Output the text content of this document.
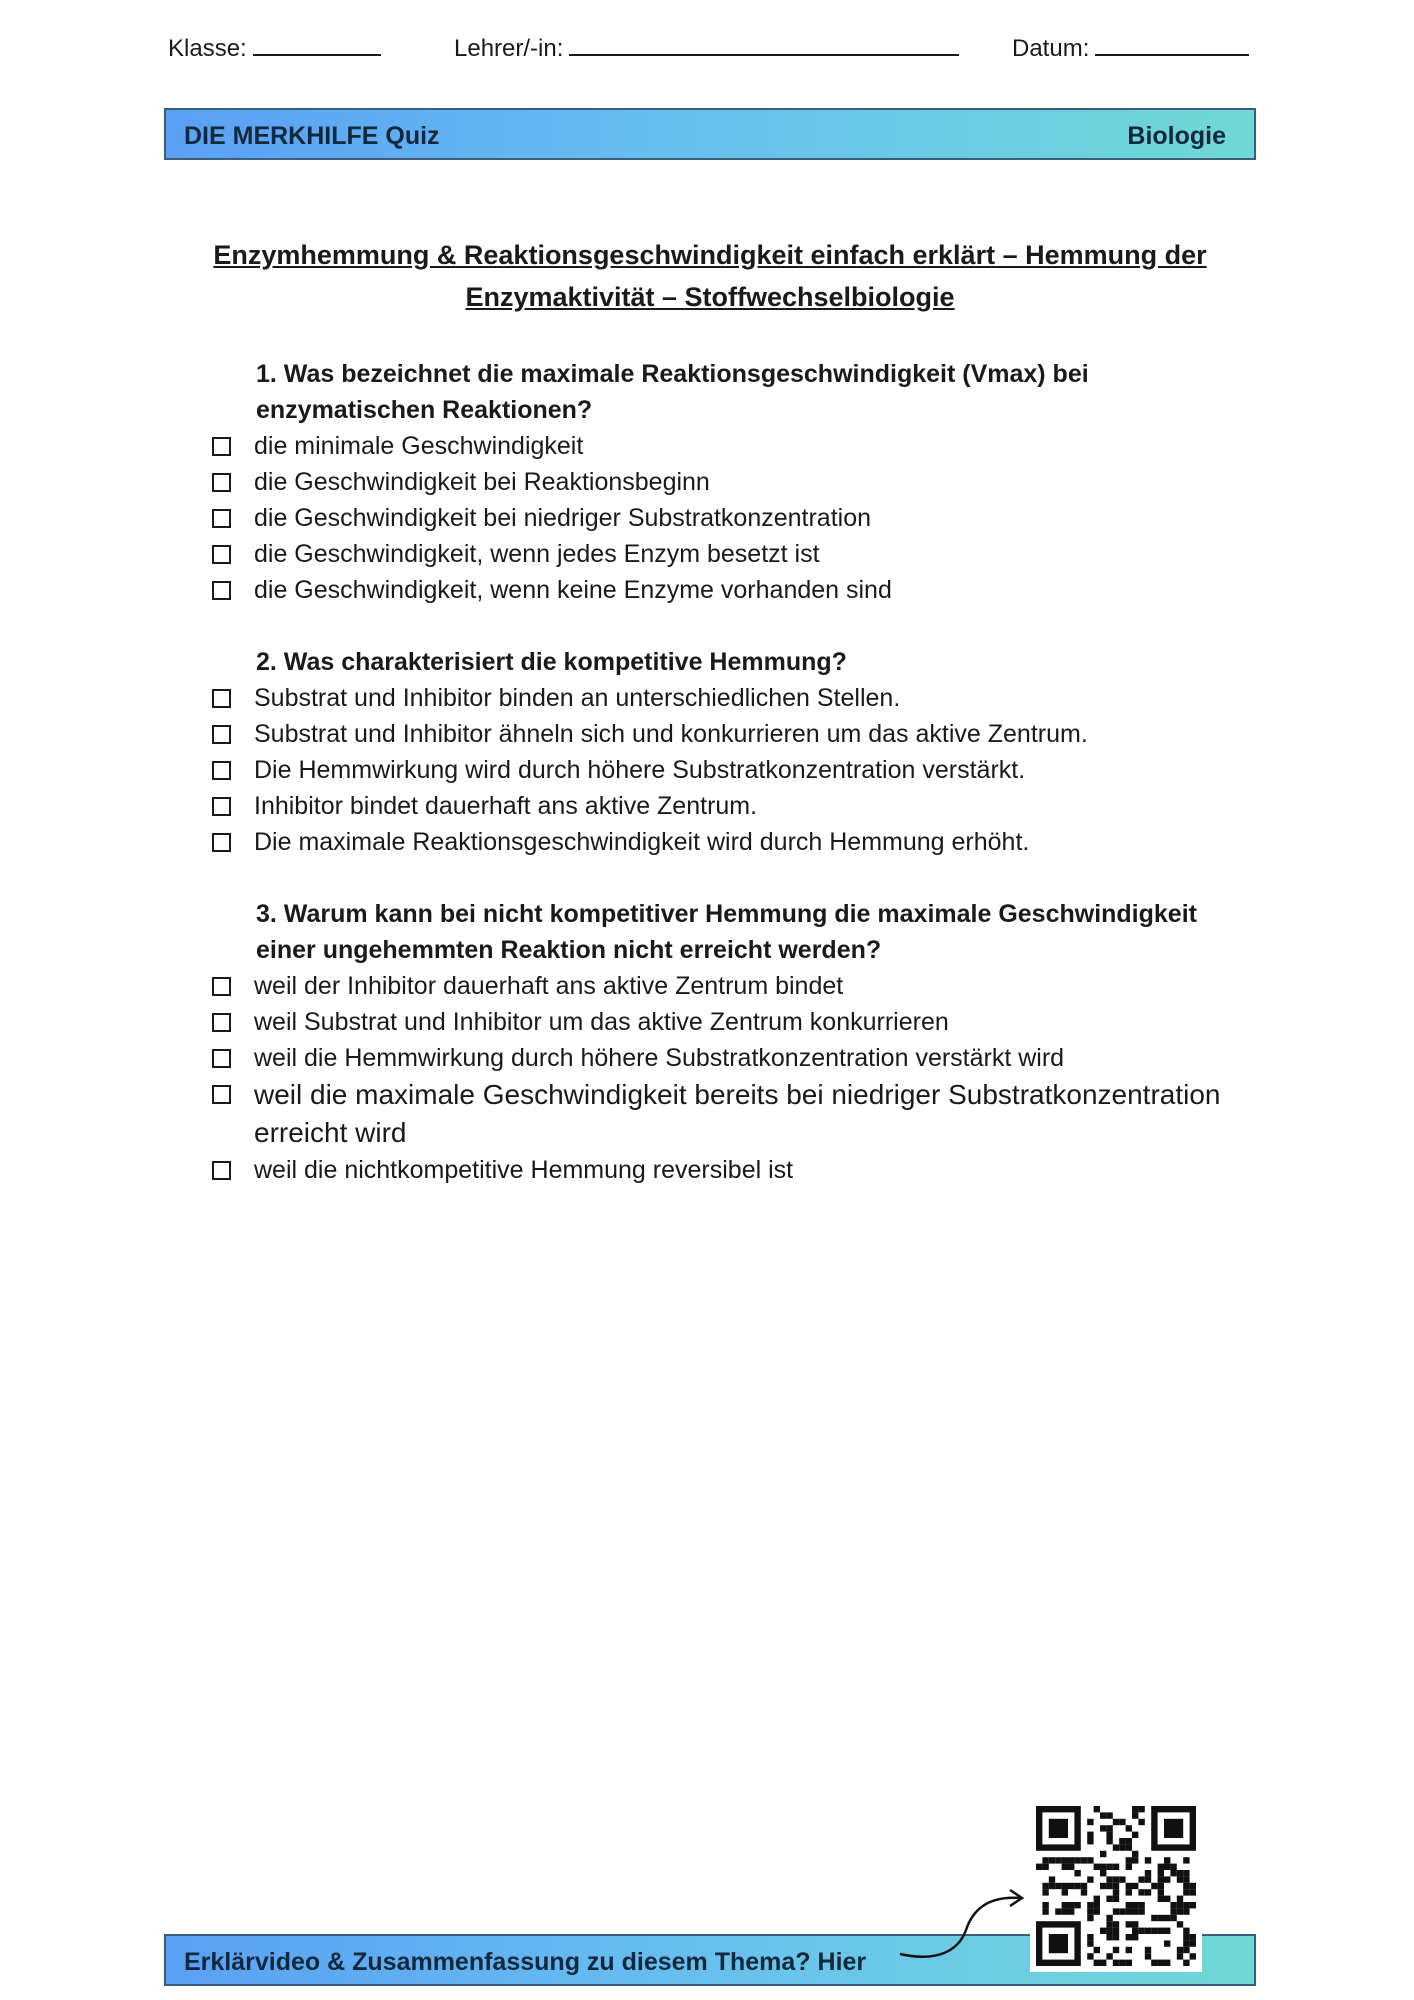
Klasse:	Lehrer/-in:	Datum:
DIE MERKHILFE Quiz	Biologie
Enzymhemmung & Reaktionsgeschwindigkeit einfach erklärt – Hemmung der Enzymaktivität – Stoffwechselbiologie
1. Was bezeichnet die maximale Reaktionsgeschwindigkeit (Vmax) bei enzymatischen Reaktionen?
die minimale Geschwindigkeit
die Geschwindigkeit bei Reaktionsbeginn
die Geschwindigkeit bei niedriger Substratkonzentration
die Geschwindigkeit, wenn jedes Enzym besetzt ist
die Geschwindigkeit, wenn keine Enzyme vorhanden sind
2. Was charakterisiert die kompetitive Hemmung?
Substrat und Inhibitor binden an unterschiedlichen Stellen.
Substrat und Inhibitor ähneln sich und konkurrieren um das aktive Zentrum.
Die Hemmwirkung wird durch höhere Substratkonzentration verstärkt.
Inhibitor bindet dauerhaft ans aktive Zentrum.
Die maximale Reaktionsgeschwindigkeit wird durch Hemmung erhöht.
3. Warum kann bei nicht kompetitiver Hemmung die maximale Geschwindigkeit einer ungehemmten Reaktion nicht erreicht werden?
weil der Inhibitor dauerhaft ans aktive Zentrum bindet
weil Substrat und Inhibitor um das aktive Zentrum konkurrieren
weil die Hemmwirkung durch höhere Substratkonzentration verstärkt wird
weil die maximale Geschwindigkeit bereits bei niedriger Substratkonzentration erreicht wird
weil die nichtkompetitive Hemmung reversibel ist
Erklärvideo & Zusammenfassung zu diesem Thema? Hier
